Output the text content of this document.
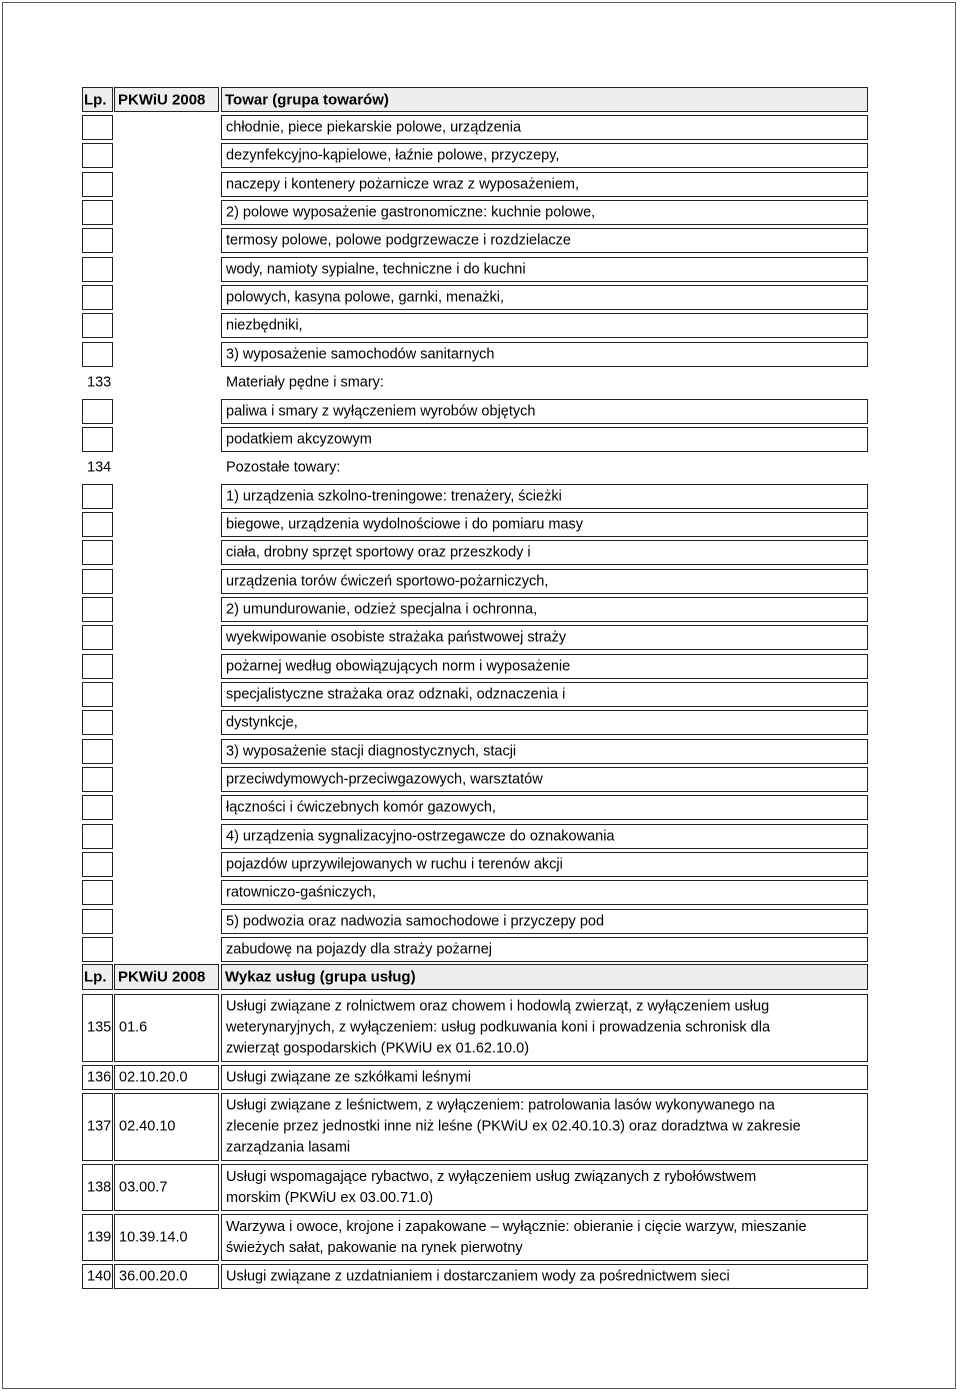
Lp. PKWiU 2008 Towar (grupa towarów)
chłodnie, piece piekarskie polowe, urządzenia
dezynfekcyjno-kąpielowe, łaźnie polowe, przyczepy,
naczepy i kontenery pożarnicze wraz z wyposażeniem,
2) polowe wyposażenie gastronomiczne: kuchnie polowe,
termosy polowe, polowe podgrzewacze i rozdzielacze
wody, namioty sypialne, techniczne i do kuchni
polowych, kasyna polowe, garnki, menażki,
niezbędniki,
3) wyposażenie samochodów sanitarnych
133	Materiały pędne i smary:
paliwa i smary z wyłączeniem wyrobów objętych
podatkiem akcyzowym
134	Pozostałe towary:
1) urządzenia szkolno-treningowe: trenażery, ścieżki
biegowe, urządzenia wydolnościowe i do pomiaru masy
ciała, drobny sprzęt sportowy oraz przeszkody i
urządzenia torów ćwiczeń sportowo-pożarniczych,
2) umundurowanie, odzież specjalna i ochronna,
wyekwipowanie osobiste strażaka państwowej straży
pożarnej według obowiązujących norm i wyposażenie
specjalistyczne strażaka oraz odznaki, odznaczenia i
dystynkcje,
3) wyposażenie stacji diagnostycznych, stacji
przeciwdymowych-przeciwgazowych, warsztatów
łączności i ćwiczebnych komór gazowych,
4) urządzenia sygnalizacyjno-ostrzegawcze do oznakowania
pojazdów uprzywilejowanych w ruchu i terenów akcji
ratowniczo-gaśniczych,
5) podwozia oraz nadwozia samochodowe i przyczepy pod
zabudowę na pojazdy dla straży pożarnej
Lp. PKWiU 2008 Wykaz usług (grupa usług)
135 01.6
Usługi związane z rolnictwem oraz chowem i hodowlą zwierząt, z wyłączeniem usług
weterynaryjnych, z wyłączeniem: usług podkuwania koni i prowadzenia schronisk dla
zwierząt gospodarskich (PKWiU ex 01.62.10.0)
136 02.10.20.0	Usługi związane ze szkółkami leśnymi
137 02.40.10
Usługi związane z leśnictwem, z wyłączeniem: patrolowania lasów wykonywanego na
zlecenie przez jednostki inne niż leśne (PKWiU ex 02.40.10.3) oraz doradztwa w zakresie
zarządzania lasami
138 03.00.7
Usługi wspomagające rybactwo, z wyłączeniem usług związanych z rybołówstwem
morskim (PKWiU ex 03.00.71.0)
139 10.39.14.0
Warzywa i owoce, krojone i zapakowane – wyłącznie: obieranie i cięcie warzyw, mieszanie
świeżych sałat, pakowanie na rynek pierwotny
140 36.00.20.0	Usługi związane z uzdatnianiem i dostarczaniem wody za pośrednictwem sieci
